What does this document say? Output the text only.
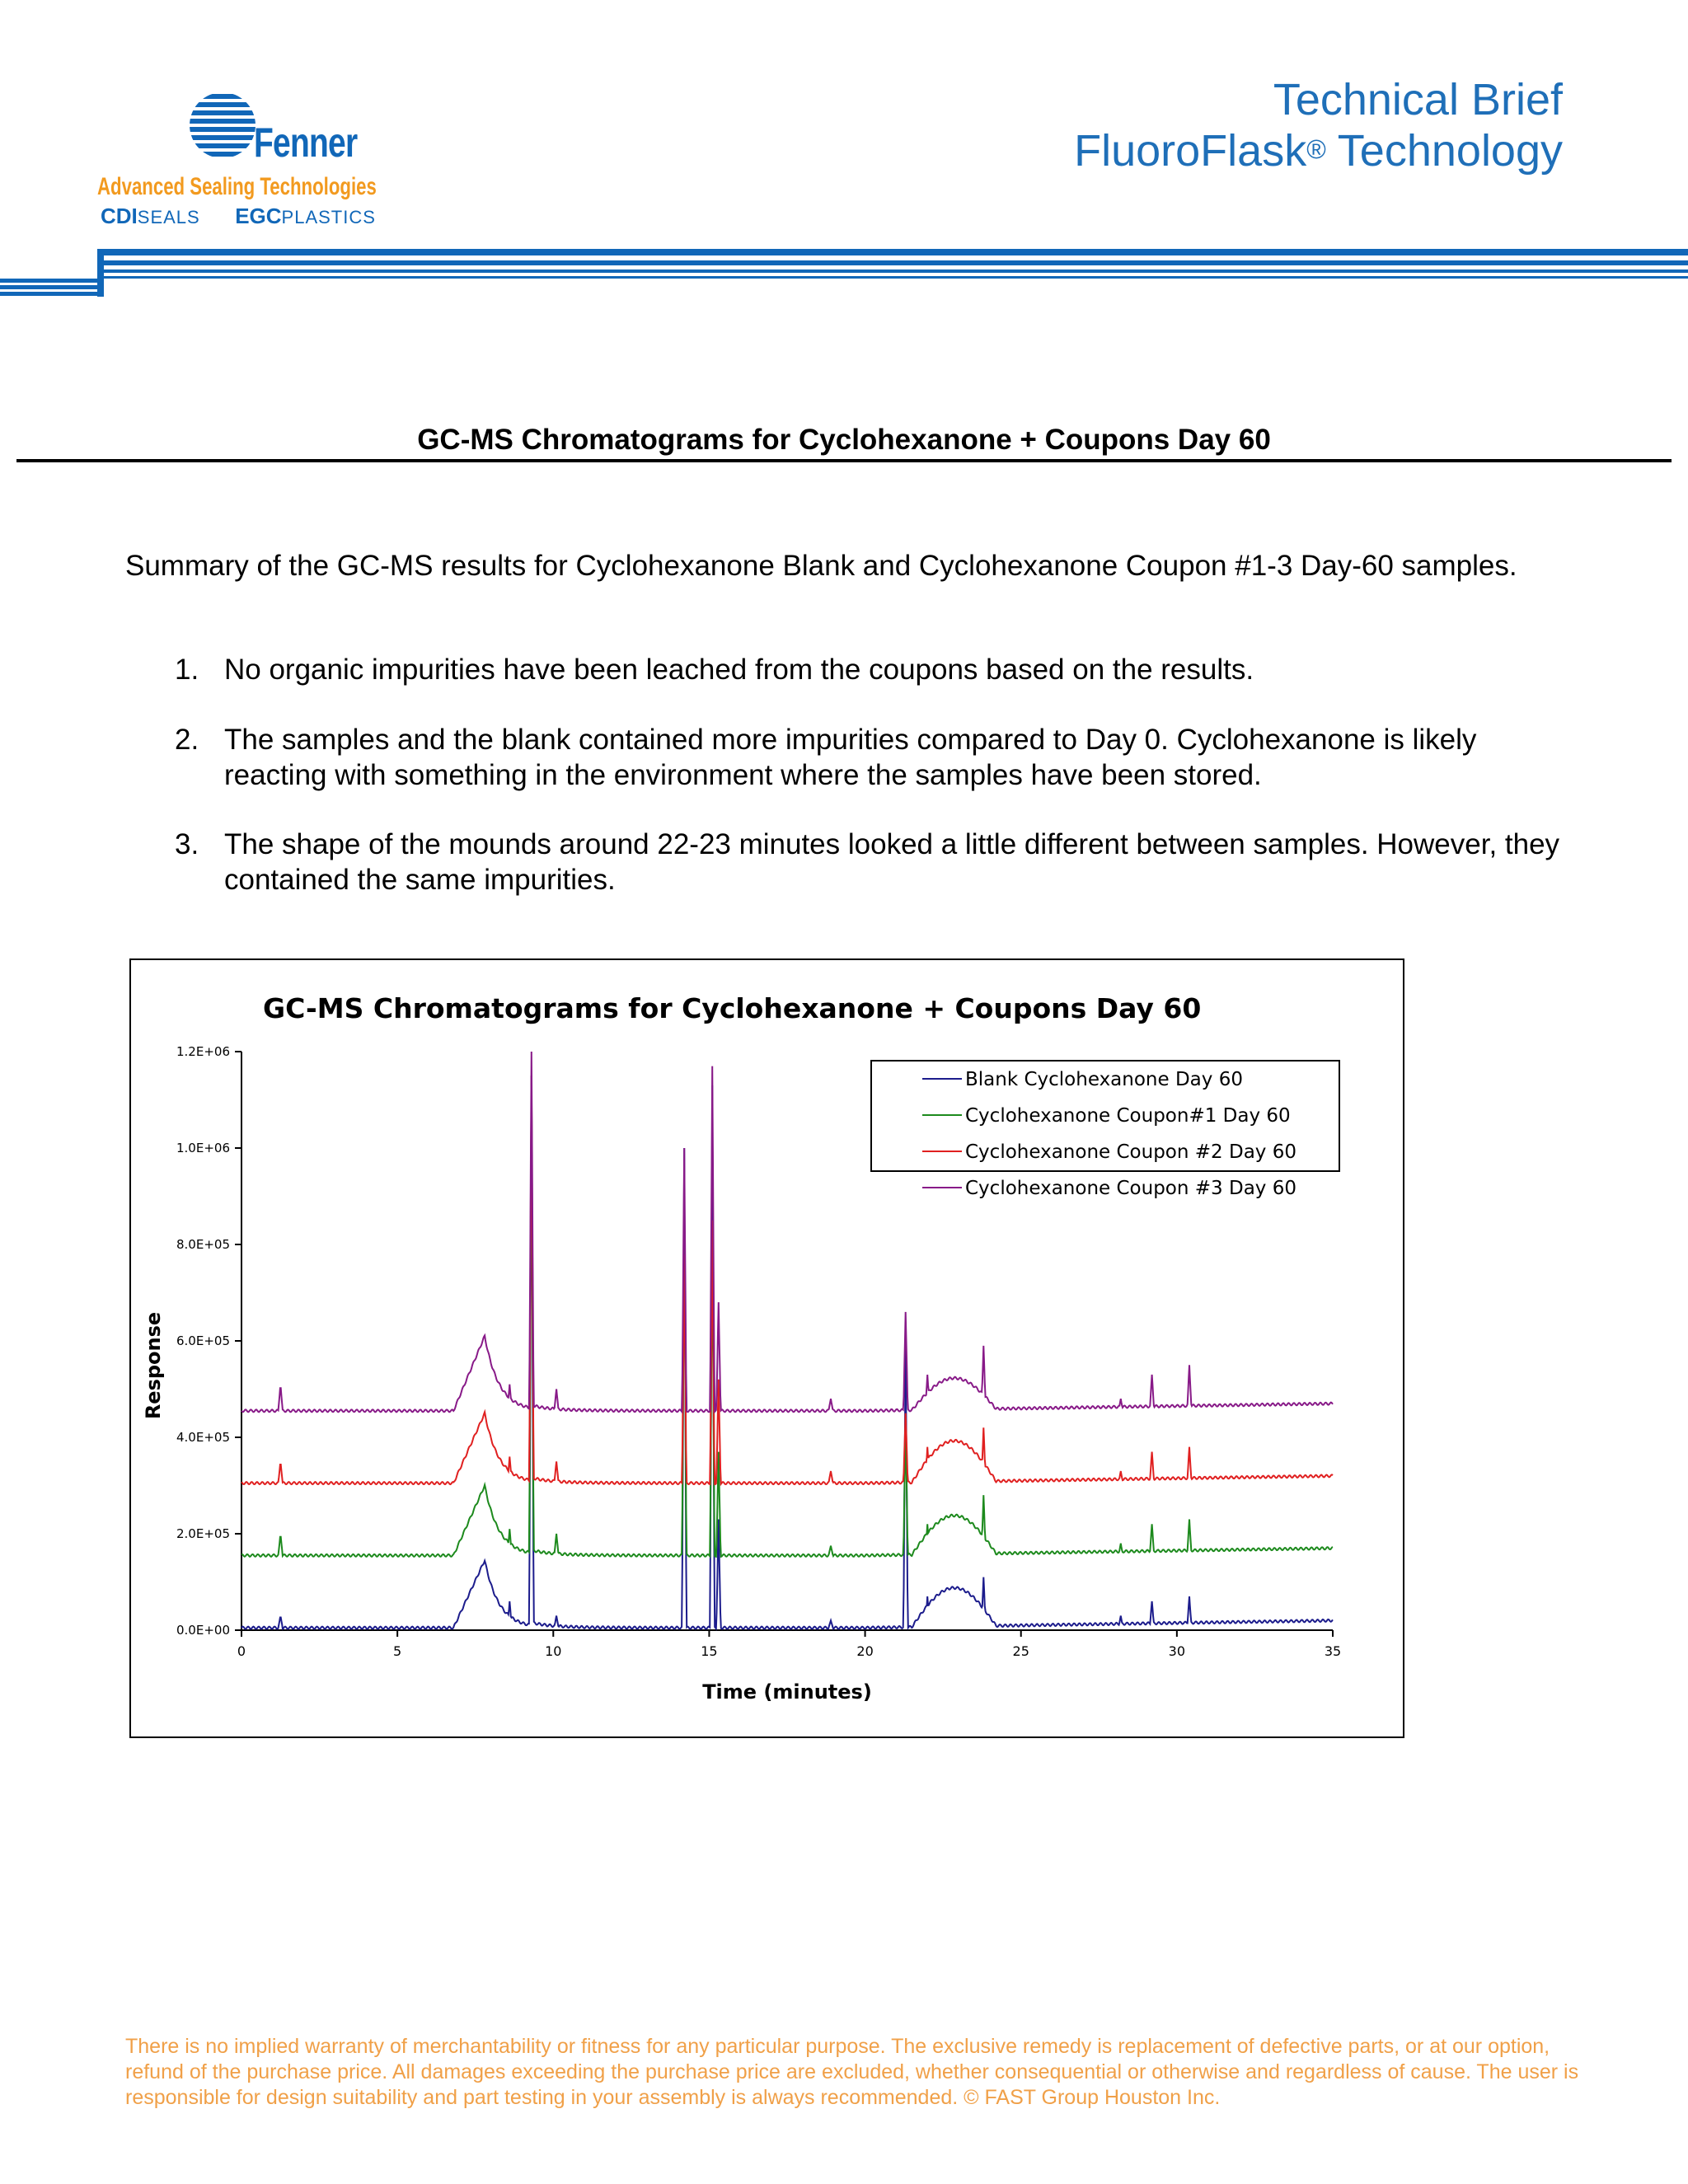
Fenner
Advanced Sealing Technologies
CDISEALS EGCPLASTICS
Technical Brief
FluoroFlask® Technology
GC-MS Chromatograms for Cyclohexanone + Coupons Day 60
Summary of the GC-MS results for Cyclohexanone Blank and Cyclohexanone Coupon #1-3 Day-60 samples.
1. No organic impurities have been leached from the coupons based on the results.
2. The samples and the blank contained more impurities compared to Day 0. Cyclohexanone is likely reacting with something in the environment where the samples have been stored.
3. The shape of the mounds around 22-23 minutes looked a little different between samples. However, they contained the same impurities.
GC-MS Chromatograms for Cyclohexanone + Coupons Day 60
0.0E+00
2.0E+05
4.0E+05
6.0E+05
8.0E+05
1.0E+06
1.2E+06
0	5	10	15	20	25	30	35
Time (minutes)
Response
Blank Cyclohexanone Day 60
Cyclohexanone Coupon#1 Day 60
Cyclohexanone Coupon #2 Day 60
Cyclohexanone Coupon #3 Day 60
There is no implied warranty of merchantability or fitness for any particular purpose. The exclusive remedy is replacement of defective parts, or at our option, refund of the purchase price. All damages exceeding the purchase price are excluded, whether consequential or otherwise and regardless of cause. The user is responsible for design suitability and part testing in your assembly is always recommended. © FAST Group Houston Inc.
